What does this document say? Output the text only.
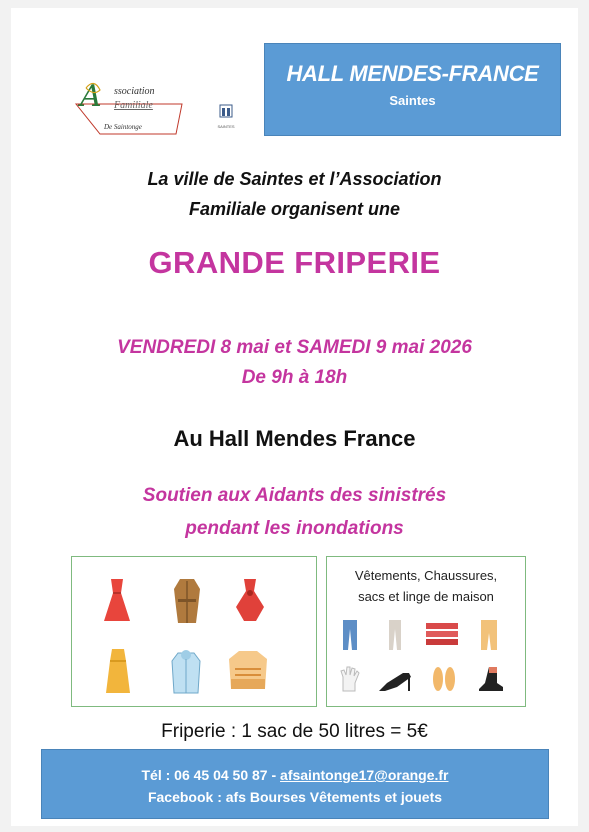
A ssociation
Familiale
De Saintonge	SAINTES
HALL MENDES-FRANCE
Saintes
La ville de Saintes et l’Association
Familiale organisent une
GRANDE FRIPERIE
VENDREDI 8 mai et SAMEDI 9 mai 2026
De 9h à 18h
Au Hall Mendes France
Soutien aux Aidants des sinistrés
pendant les inondations
Vêtements, Chaussures,
sacs et linge de maison
Friperie : 1 sac de 50 litres = 5€
Tél : 06 45 04 50 87 - afsaintonge17@orange.fr
Facebook : afs Bourses Vêtements et jouets
